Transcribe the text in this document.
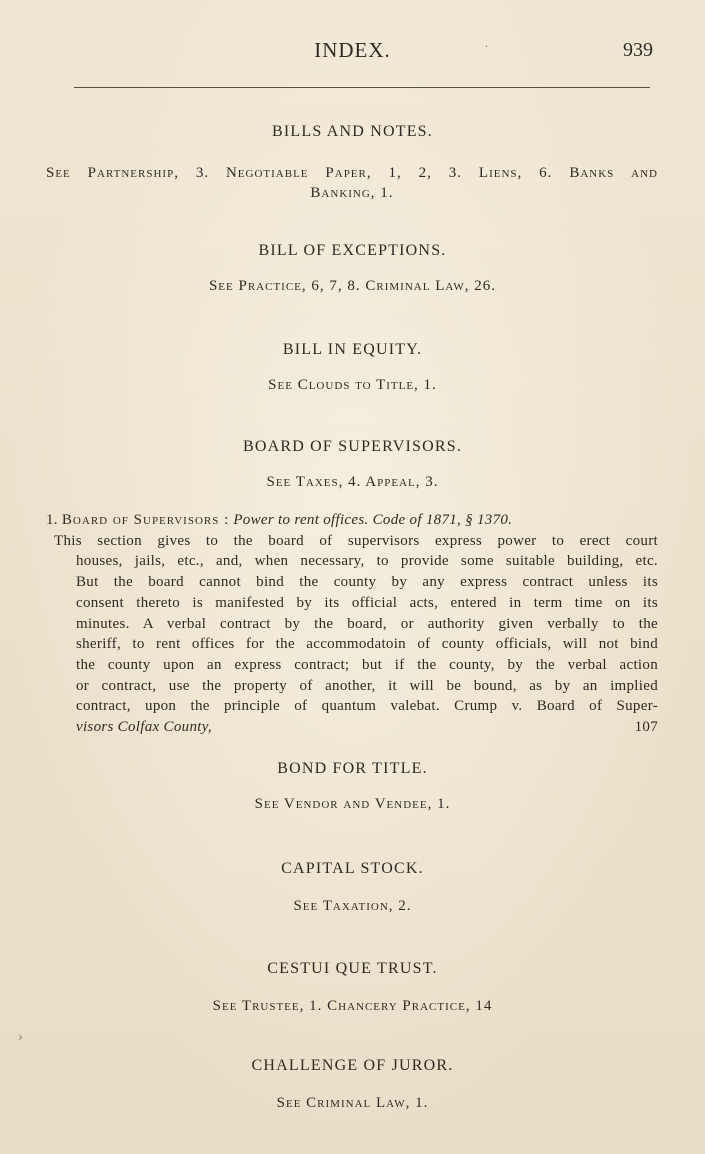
INDEX.	939
BILLS AND NOTES.
See Partnership, 3. Negotiable Paper, 1, 2, 3. Liens, 6. Banks and
Banking, 1.
BILL OF EXCEPTIONS.
See Practice, 6, 7, 8. Criminal Law, 26.
BILL IN EQUITY.
See Clouds to Title, 1.
BOARD OF SUPERVISORS.
See Taxes, 4. Appeal, 3.
1. Board of Supervisors : Power to rent offices. Code of 1871, § 1370.
This section gives to the board of supervisors express power to erect court
houses, jails, etc., and, when necessary, to provide some suitable building, etc.
But the board cannot bind the county by any express contract unless its
consent thereto is manifested by its official acts, entered in term time on its
minutes. A verbal contract by the board, or authority given verbally to the
sheriff, to rent offices for the accommodatoin of county officials, will not bind
the county upon an express contract; but if the county, by the verbal action
or contract, use the property of another, it will be bound, as by an implied
contract, upon the principle of quantum valebat. Crump v. Board of Super-
visors Colfax County,	107
BOND FOR TITLE.
See Vendor and Vendee, 1.
CAPITAL STOCK.
See Taxation, 2.
CESTUI QUE TRUST.
See Trustee, 1. Chancery Practice, 14
CHALLENGE OF JUROR.
See Criminal Law, 1.
·
›
